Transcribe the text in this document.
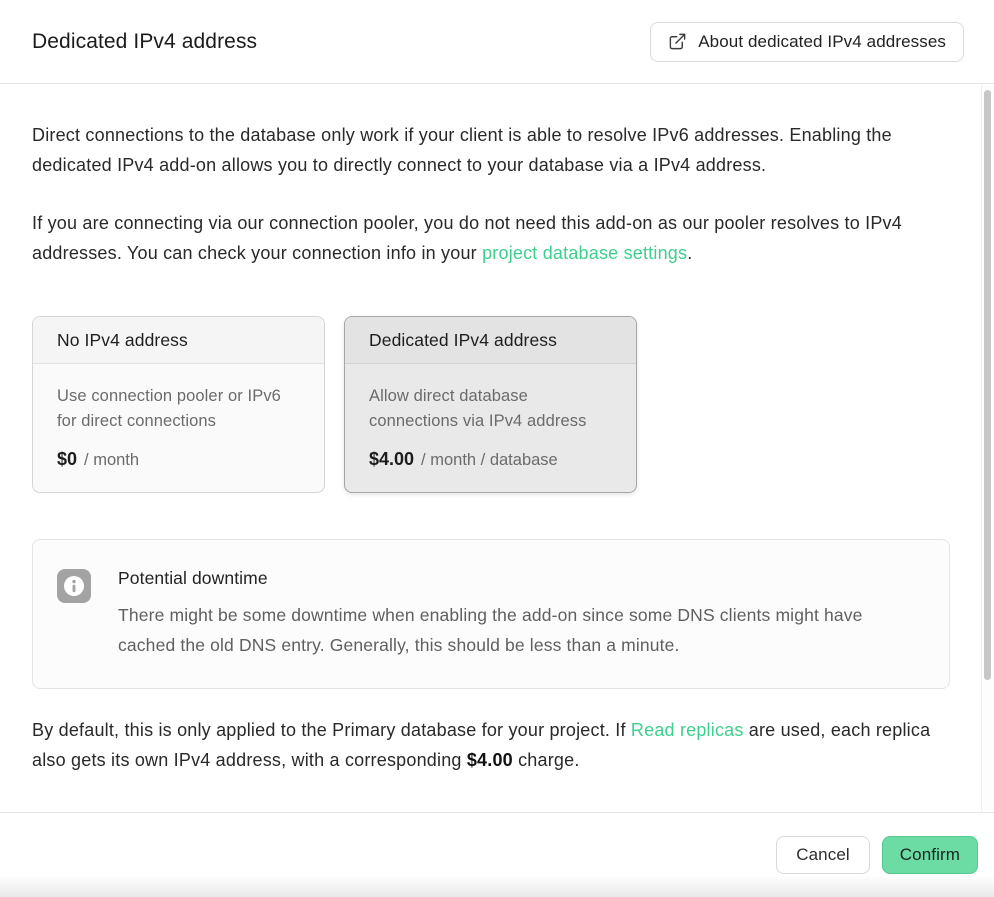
Dedicated IPv4 address	About dedicated IPv4 addresses

Direct connections to the database only work if your client is able to resolve IPv6 addresses. Enabling the dedicated IPv4 add-on allows you to directly connect to your database via a IPv4 address.

If you are connecting via our connection pooler, you do not need this add-on as our pooler resolves to IPv4 addresses. You can check your connection info in your project database settings.

No IPv4 address

Use connection pooler or IPv6 for direct connections

$0 / month

Dedicated IPv4 address

Allow direct database connections via IPv4 address

$4.00 / month / database

Potential downtime
There might be some downtime when enabling the add-on since some DNS clients might have cached the old DNS entry. Generally, this should be less than a minute.

By default, this is only applied to the Primary database for your project. If Read replicas are used, each replica also gets its own IPv4 address, with a corresponding $4.00 charge.

Cancel	Confirm
